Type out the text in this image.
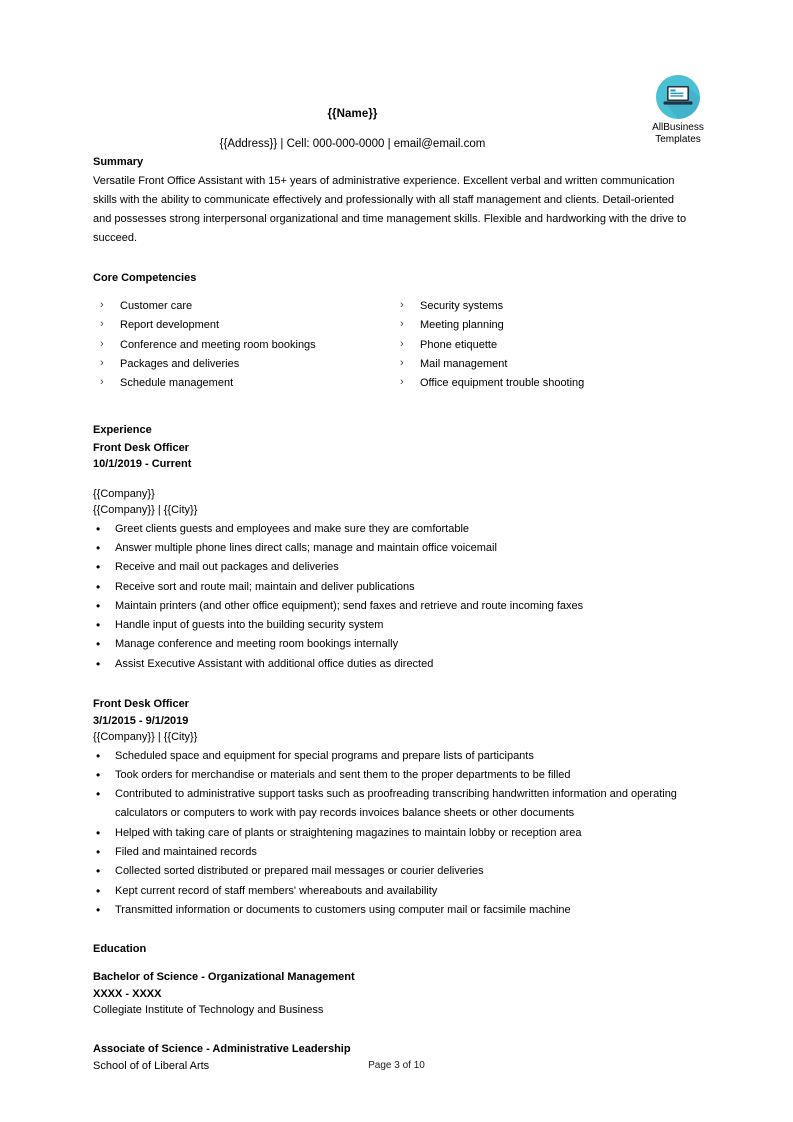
AllBusiness
Templates
{{Name}}
{{Address}} | Cell: 000-000-0000 | email@email.com
Summary

Versatile Front Office Assistant with 15+ years of administrative experience. Excellent verbal and written communication skills with the ability to communicate effectively and professionally with all staff management and clients. Detail-oriented and possesses strong interpersonal organizational and time management skills. Flexible and hardworking with the drive to succeed.

Core Competencies
› Customer care
› Report development
› Conference and meeting room bookings
› Packages and deliveries
› Schedule management
› Security systems
› Meeting planning
› Phone etiquette
› Mail management
› Office equipment trouble shooting
Experience
Front Desk Officer
10/1/2019 - Current
{{Company}}
{{Company}} | {{City}}
• Greet clients guests and employees and make sure they are comfortable
• Answer multiple phone lines direct calls; manage and maintain office voicemail
• Receive and mail out packages and deliveries
• Receive sort and route mail; maintain and deliver publications
• Maintain printers (and other office equipment); send faxes and retrieve and route incoming faxes
• Handle input of guests into the building security system
• Manage conference and meeting room bookings internally
• Assist Executive Assistant with additional office duties as directed
Front Desk Officer
3/1/2015 - 9/1/2019
{{Company}} | {{City}}
• Scheduled space and equipment for special programs and prepare lists of participants
• Took orders for merchandise or materials and sent them to the proper departments to be filled
• Contributed to administrative support tasks such as proofreading transcribing handwritten information and operating calculators or computers to work with pay records invoices balance sheets or other documents
• Helped with taking care of plants or straightening magazines to maintain lobby or reception area
• Filed and maintained records
• Collected sorted distributed or prepared mail messages or courier deliveries
• Kept current record of staff members' whereabouts and availability
• Transmitted information or documents to customers using computer mail or facsimile machine
Education
Bachelor of Science - Organizational Management
XXXX - XXXX
Collegiate Institute of Technology and Business
Associate of Science - Administrative Leadership
School of of Liberal Arts	Page 3 of 10
